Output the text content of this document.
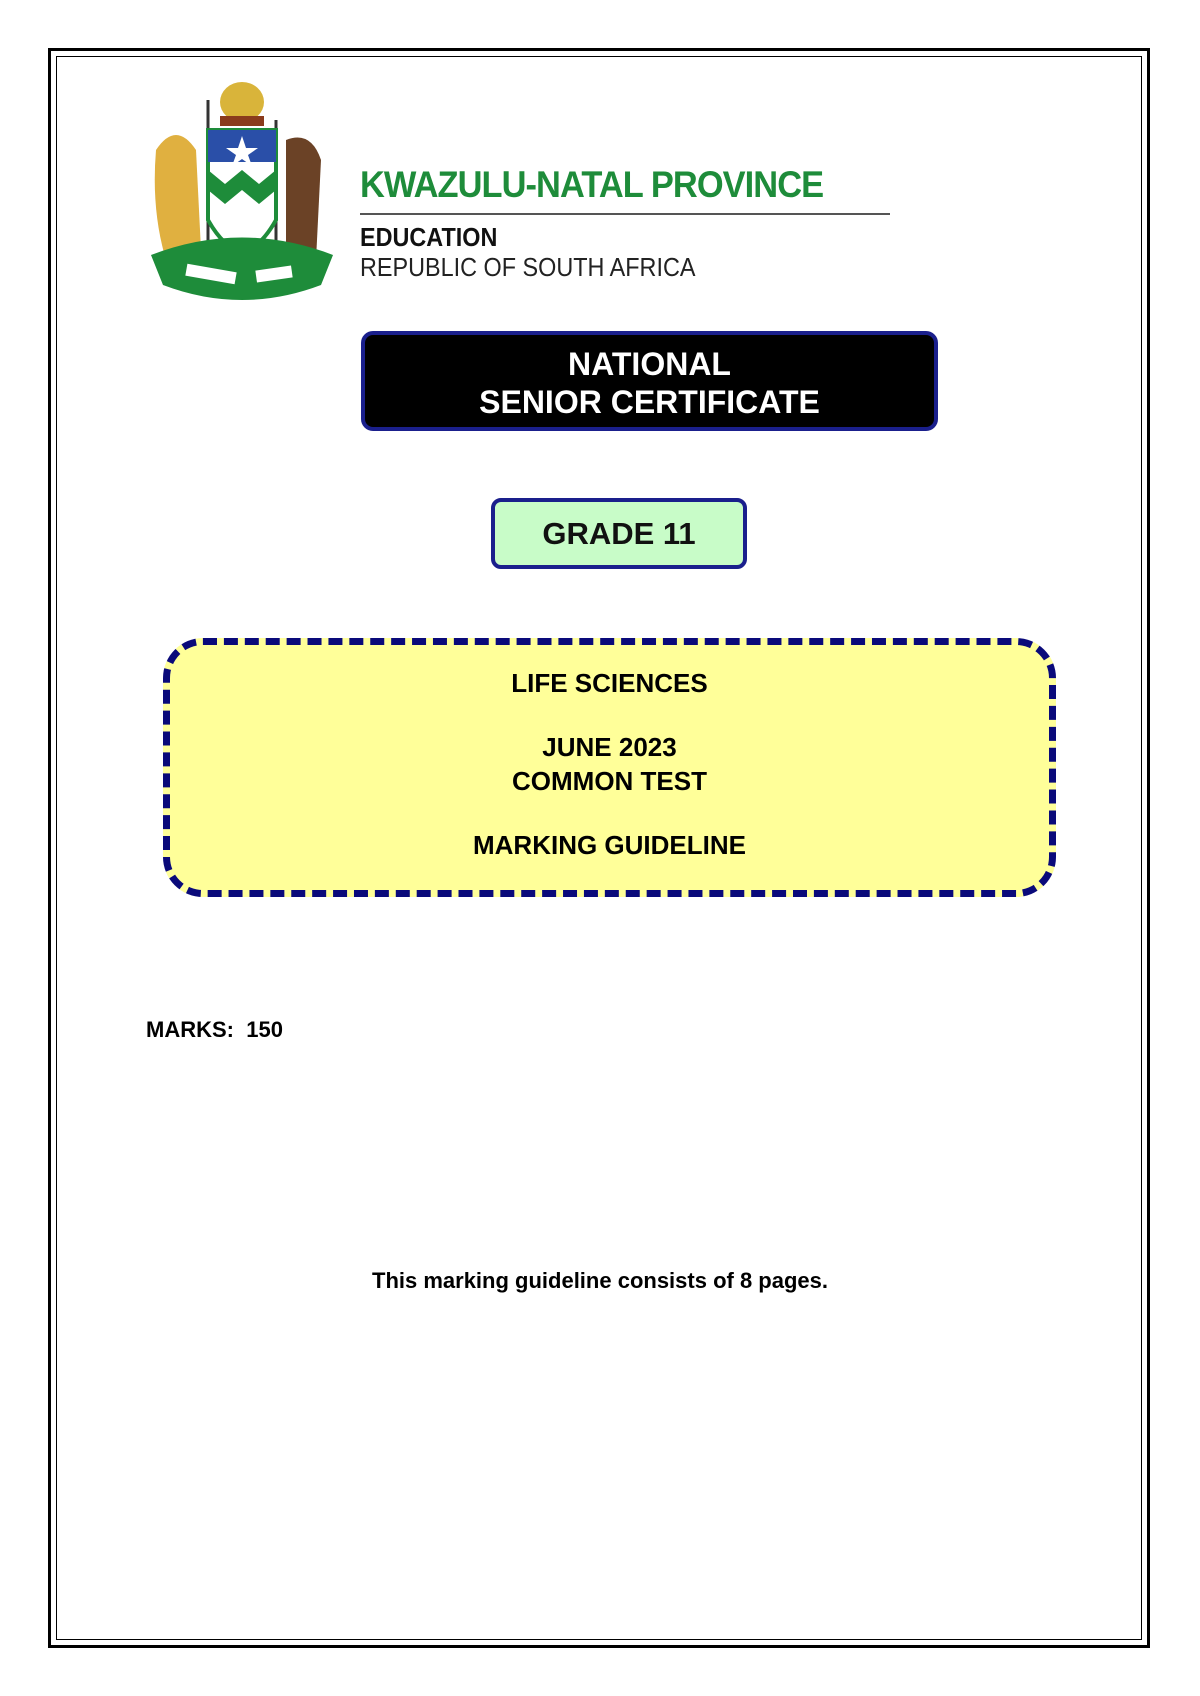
KWAZULU-NATAL PROVINCE
EDUCATION
REPUBLIC OF SOUTH AFRICA
NATIONAL
SENIOR CERTIFICATE
GRADE 11
LIFE SCIENCES
JUNE 2023
COMMON TEST
MARKING GUIDELINE
MARKS: 150
This marking guideline consists of 8 pages.
